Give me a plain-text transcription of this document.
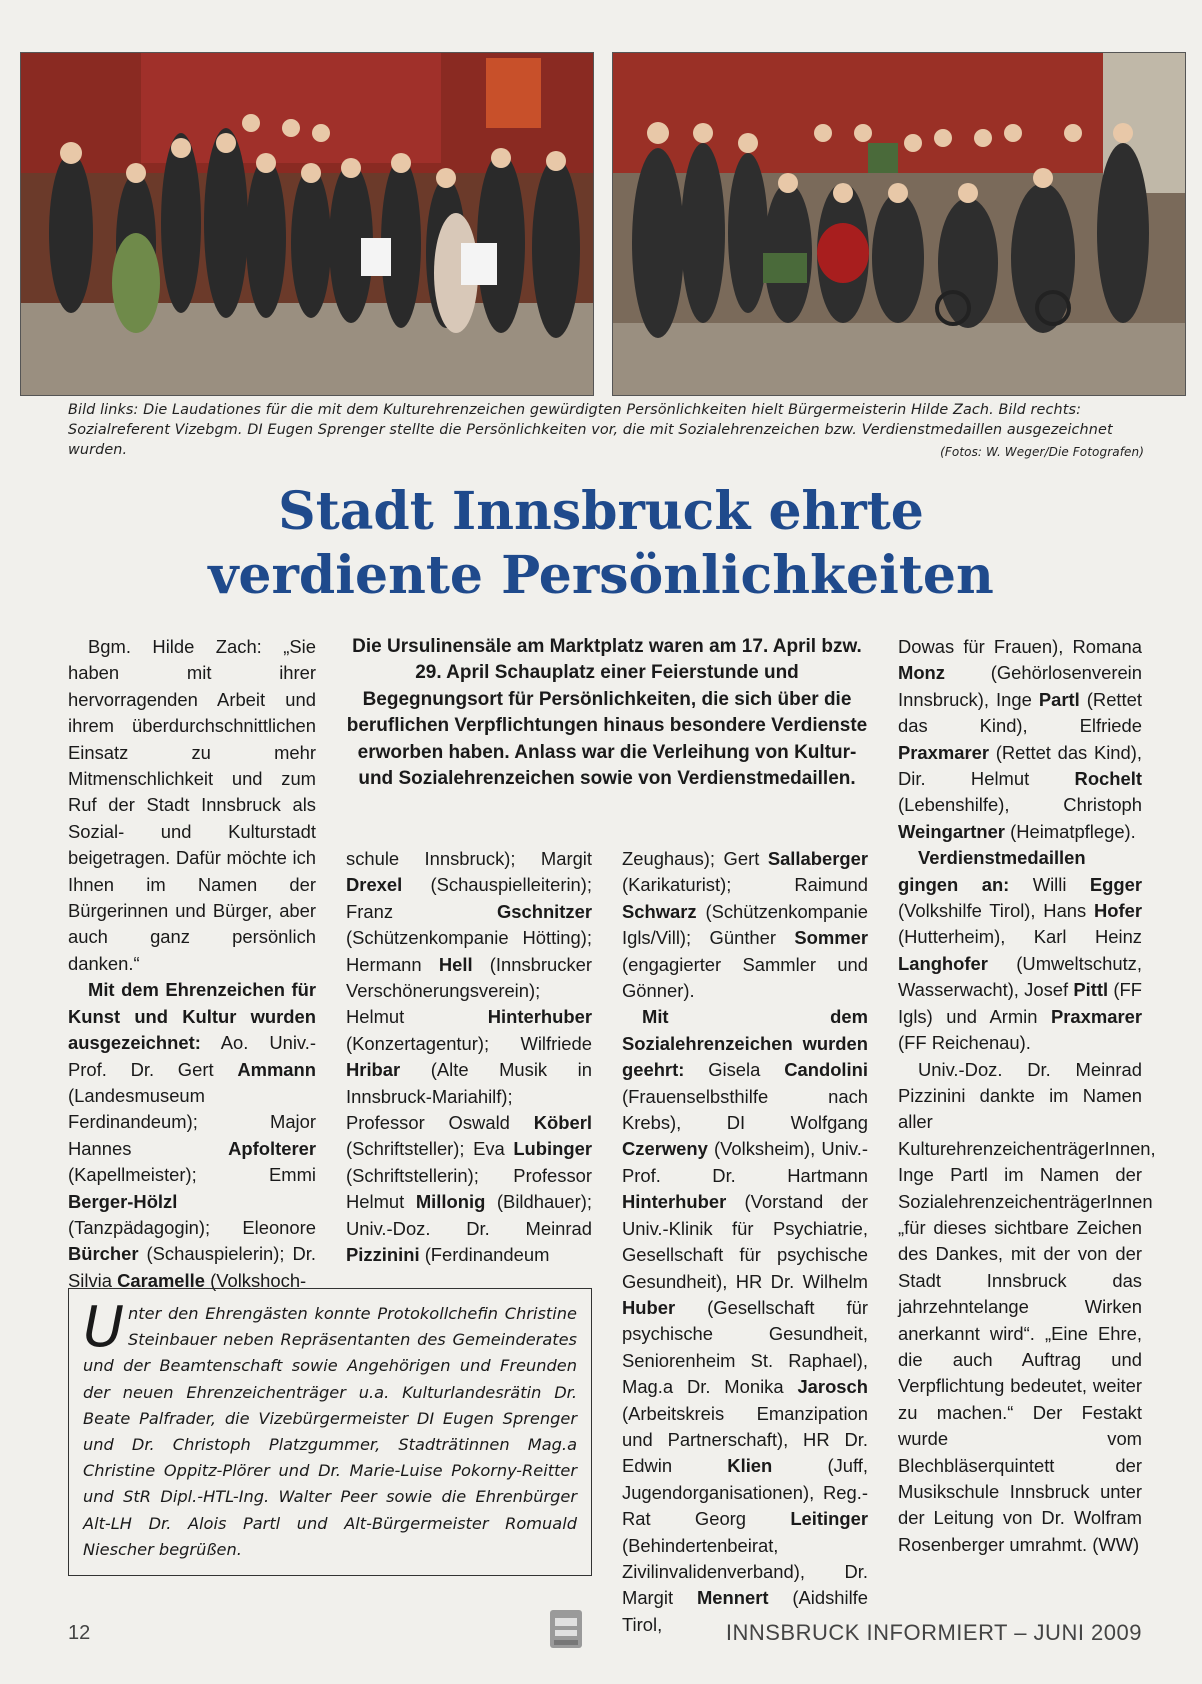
Bild links: Die Laudationes für die mit dem Kulturehrenzeichen gewürdigten Persönlichkeiten hielt Bürgermeisterin Hilde Zach. Bild rechts: Sozialreferent Vizebgm. DI Eugen Sprenger stellte die Persönlichkeiten vor, die mit Sozialehrenzeichen bzw. Verdienstmedaillen ausgezeichnet wurden.	(Fotos: W. Weger/Die Fotografen)
Stadt Innsbruck ehrte
verdiente Persönlichkeiten
Die Ursulinensäle am Marktplatz waren am 17. April bzw. 29. April Schauplatz einer Feierstunde und Begegnungsort für Persönlichkeiten, die sich über die beruflichen Verpflichtungen hinaus besondere Verdienste erworben haben. Anlass war die Verleihung von Kultur- und Sozialehrenzeichen sowie von Verdienstmedaillen.

Bgm. Hilde Zach: „Sie haben mit ihrer hervorragenden Arbeit und ihrem überdurchschnittlichen Einsatz zu mehr Mitmenschlichkeit und zum Ruf der Stadt Innsbruck als Sozial- und Kulturstadt beigetragen. Dafür möchte ich Ihnen im Namen der Bürgerinnen und Bürger, aber auch ganz persönlich danken.“

Mit dem Ehrenzeichen für Kunst und Kultur wurden ausgezeichnet: Ao. Univ.-Prof. Dr. Gert Ammann (Landesmuseum Ferdinandeum); Major Hannes Apfolterer (Kapellmeister); Emmi Berger-Hölzl (Tanzpädagogin); Eleonore Bürcher (Schauspielerin); Dr. Silvia Caramelle (Volkshoch-

schule Innsbruck); Margit Drexel (Schauspielleiterin); Franz Gschnitzer (Schützenkompanie Hötting); Hermann Hell (Innsbrucker Verschönerungsverein); Helmut Hinterhuber (Konzertagentur); Wilfriede Hribar (Alte Musik in Innsbruck-Mariahilf); Professor Oswald Köberl (Schriftsteller); Eva Lubinger (Schriftstellerin); Professor Helmut Millonig (Bildhauer); Univ.-Doz. Dr. Meinrad Pizzinini (Ferdinandeum

Zeughaus); Gert Sallaberger (Karikaturist); Raimund Schwarz (Schützenkompanie Igls/Vill); Günther Sommer (engagierter Sammler und Gönner).

Mit dem Sozialehrenzeichen wurden geehrt: Gisela Candolini (Frauenselbsthilfe nach Krebs), DI Wolfgang Czerweny (Volksheim), Univ.-Prof. Dr. Hartmann Hinterhuber (Vorstand der Univ.-Klinik für Psychiatrie, Gesellschaft für psychische Gesundheit), HR Dr. Wilhelm Huber (Gesellschaft für psychische Gesundheit, Seniorenheim St. Raphael), Mag.a Dr. Monika Jarosch (Arbeitskreis Emanzipation und Partnerschaft), HR Dr. Edwin Klien (Juff, Jugendorganisationen), Reg.-Rat Georg Leitinger (Behindertenbeirat, Zivilinvalidenverband), Dr. Margit Mennert (Aidshilfe Tirol,

Dowas für Frauen), Romana Monz (Gehörlosenverein Innsbruck), Inge Partl (Rettet das Kind), Elfriede Praxmarer (Rettet das Kind), Dir. Helmut Rochelt (Lebenshilfe), Christoph Weingartner (Heimatpflege).

Verdienstmedaillen gingen an: Willi Egger (Volkshilfe Tirol), Hans Hofer (Hutterheim), Karl Heinz Langhofer (Umweltschutz, Wasserwacht), Josef Pittl (FF Igls) und Armin Praxmarer (FF Reichenau).

Univ.-Doz. Dr. Meinrad Pizzinini dankte im Namen aller KulturehrenzeichenträgerInnen, Inge Partl im Namen der SozialehrenzeichenträgerInnen „für dieses sichtbare Zeichen des Dankes, mit der von der Stadt Innsbruck das jahrzehntelange Wirken anerkannt wird“. „Eine Ehre, die auch Auftrag und Verpflichtung bedeutet, weiter zu machen.“ Der Festakt wurde vom Blechbläserquintett der Musikschule Innsbruck unter der Leitung von Dr. Wolfram Rosenberger umrahmt. (WW)

Unter den Ehrengästen konnte Protokollchefin Christine Steinbauer neben Repräsentanten des Gemeinderates und der Beamtenschaft sowie Angehörigen und Freunden der neuen Ehrenzeichenträger u.a. Kulturlandesrätin Dr. Beate Palfrader, die Vizebürgermeister DI Eugen Sprenger und Dr. Christoph Platzgummer, Stadträtinnen Mag.a Christine Oppitz-Plörer und Dr. Marie-Luise Pokorny-Reitter und StR Dipl.-HTL-Ing. Walter Peer sowie die Ehrenbürger Alt-LH Dr. Alois Partl und Alt-Bürgermeister Romuald Niescher begrüßen.
12	INNSBRUCK INFORMIERT – JUNI 2009
